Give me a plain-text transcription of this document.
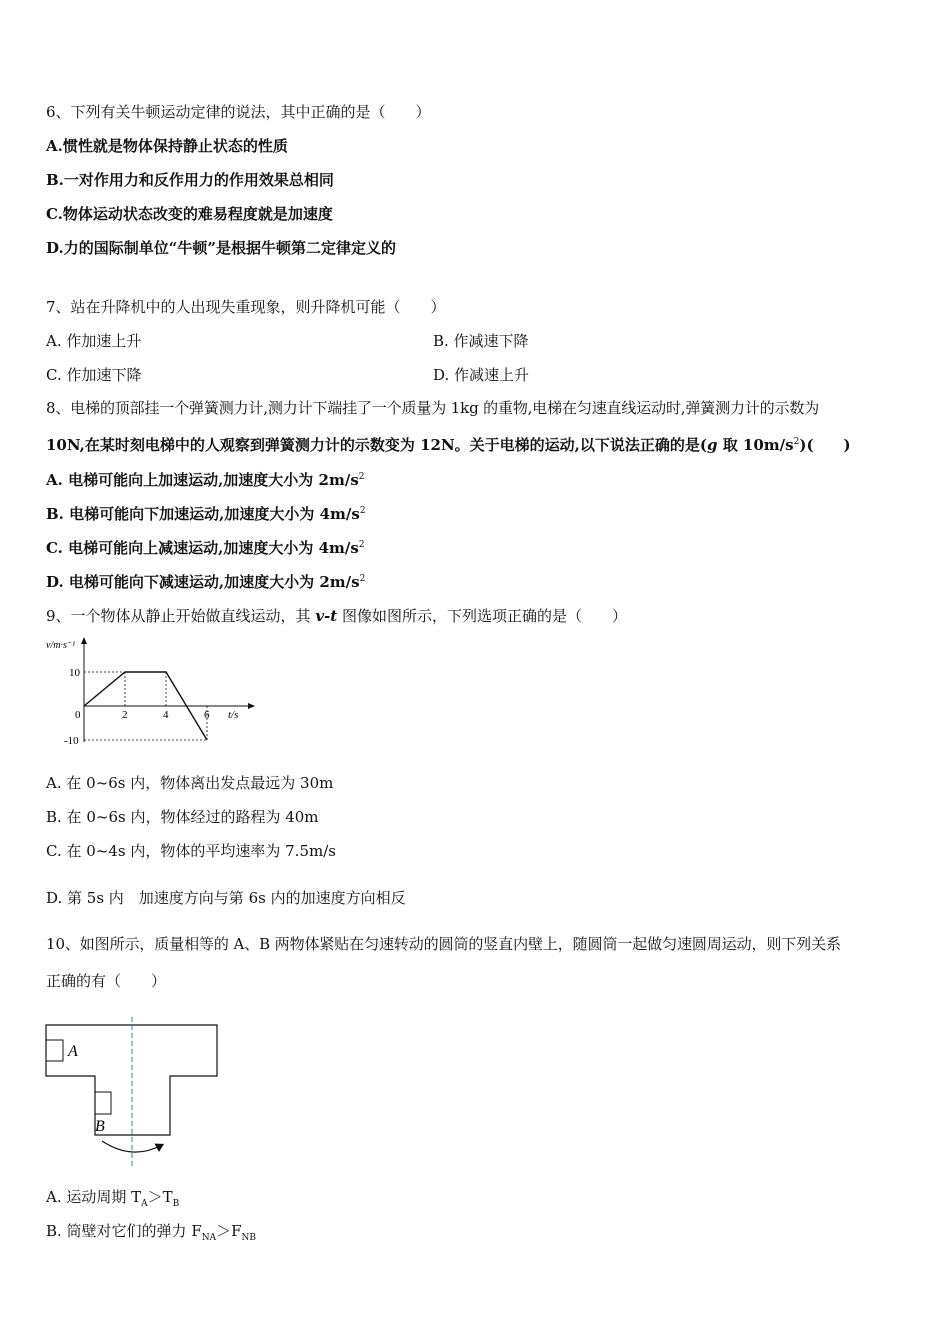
6、下列有关牛顿运动定律的说法，其中正确的是（　　）
A.惯性就是物体保持静止状态的性质
B.一对作用力和反作用力的作用效果总相同
C.物体运动状态改变的难易程度就是加速度
D.力的国际制单位“牛顿”是根据牛顿第二定律定义的
7、站在升降机中的人出现失重现象，则升降机可能（　　）
A. 作加速上升	B. 作减速下降
C. 作加速下降	D. 作减速上升
8、电梯的顶部挂一个弹簧测力计,测力计下端挂了一个质量为 1kg 的重物,电梯在匀速直线运动时,弹簧测力计的示数为
10N,在某时刻电梯中的人观察到弹簧测力计的示数变为 12N。关于电梯的运动,以下说法正确的是(g 取 $10m/s^2$)(　　)
A. 电梯可能向上加速运动,加速度大小为 $2m/s^2$
B. 电梯可能向下加速运动,加速度大小为 $4m/s^2$
C. 电梯可能向上减速运动,加速度大小为 $4m/s^2$
D. 电梯可能向下减速运动,加速度大小为 $2m/s^2$
9、一个物体从静止开始做直线运动，其 v-t 图像如图所示，下列选项正确的是（　　）
v/m·s⁻¹
t/s
0	2	4	6
10
-10
A. 在 0~6s 内，物体离出发点最远为 30m
B. 在 0~6s 内，物体经过的路程为 40m
C. 在 0~4s 内，物体的平均速率为 7.5m/s
D. 第 5s 内　加速度方向与第 6s 内的加速度方向相反
10、如图所示，质量相等的 A、B 两物体紧贴在匀速转动的圆筒的竖直内壁上，随圆筒一起做匀速圆周运动，则下列关系
正确的有（　　）
A
B
A. 运动周期 $T_A>T_B$
B. 筒壁对它们的弹力 $F_{NA}>F_{NB}$
